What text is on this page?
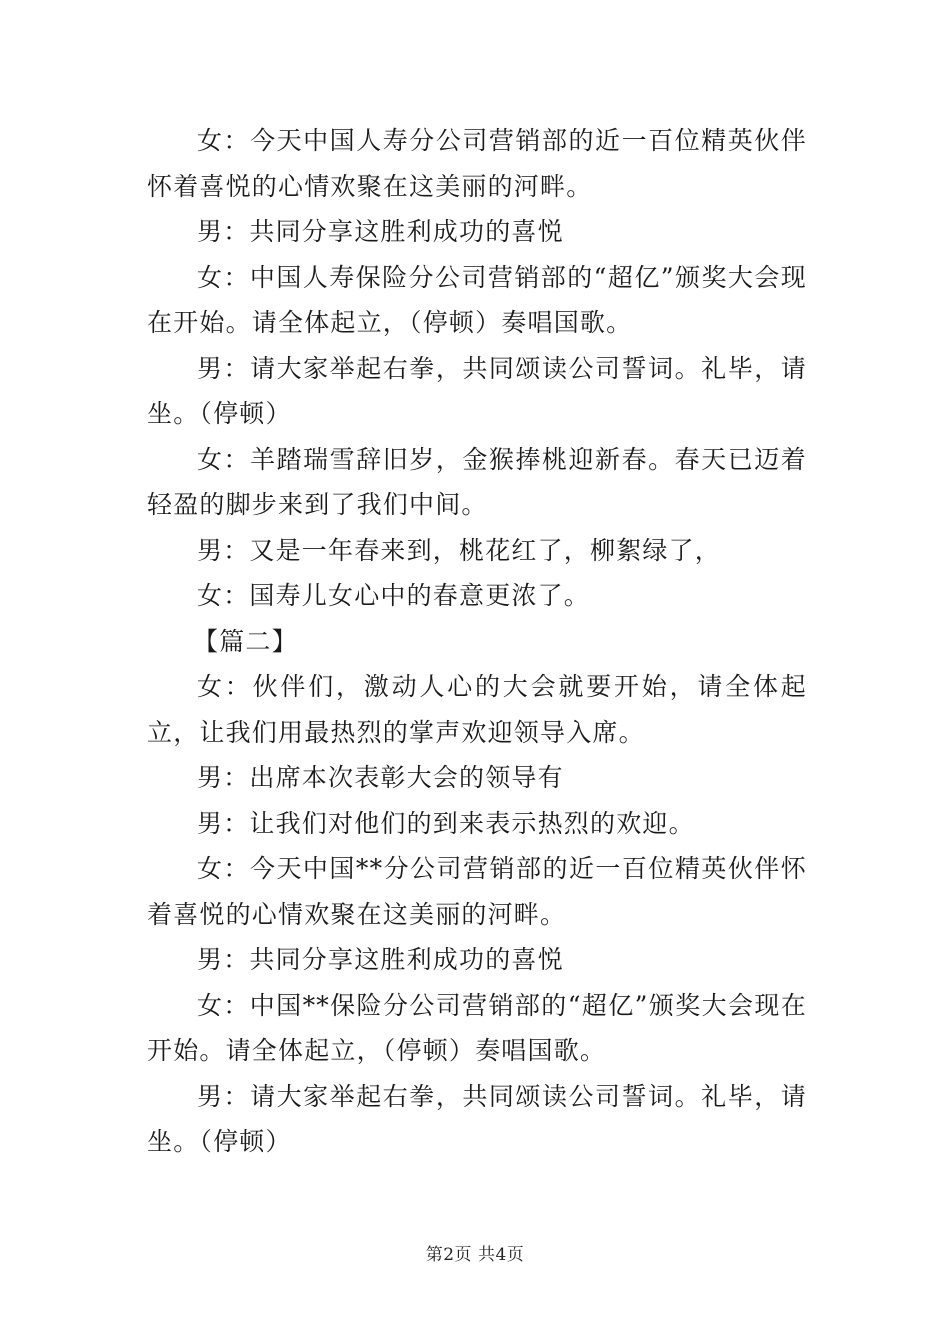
女：今天中国人寿分公司营销部的近一百位精英伙伴怀着喜悦的心情欢聚在这美丽的河畔。

男：共同分享这胜利成功的喜悦

女：中国人寿保险分公司营销部的“超亿”颁奖大会现在开始。请全体起立，（停顿）奏唱国歌。

男：请大家举起右拳，共同颂读公司誓词。礼毕，请坐。（停顿）

女：羊踏瑞雪辞旧岁，金猴捧桃迎新春。春天已迈着轻盈的脚步来到了我们中间。

男：又是一年春来到，桃花红了，柳絮绿了，

女：国寿儿女心中的春意更浓了。

【篇二】

女：伙伴们，激动人心的大会就要开始，请全体起立，让我们用最热烈的掌声欢迎领导入席。

男：出席本次表彰大会的领导有

男：让我们对他们的到来表示热烈的欢迎。

女：今天中国**分公司营销部的近一百位精英伙伴怀着喜悦的心情欢聚在这美丽的河畔。

男：共同分享这胜利成功的喜悦

女：中国**保险分公司营销部的“超亿”颁奖大会现在开始。请全体起立，（停顿）奏唱国歌。

男：请大家举起右拳，共同颂读公司誓词。礼毕，请坐。（停顿）

第2页 共4页
